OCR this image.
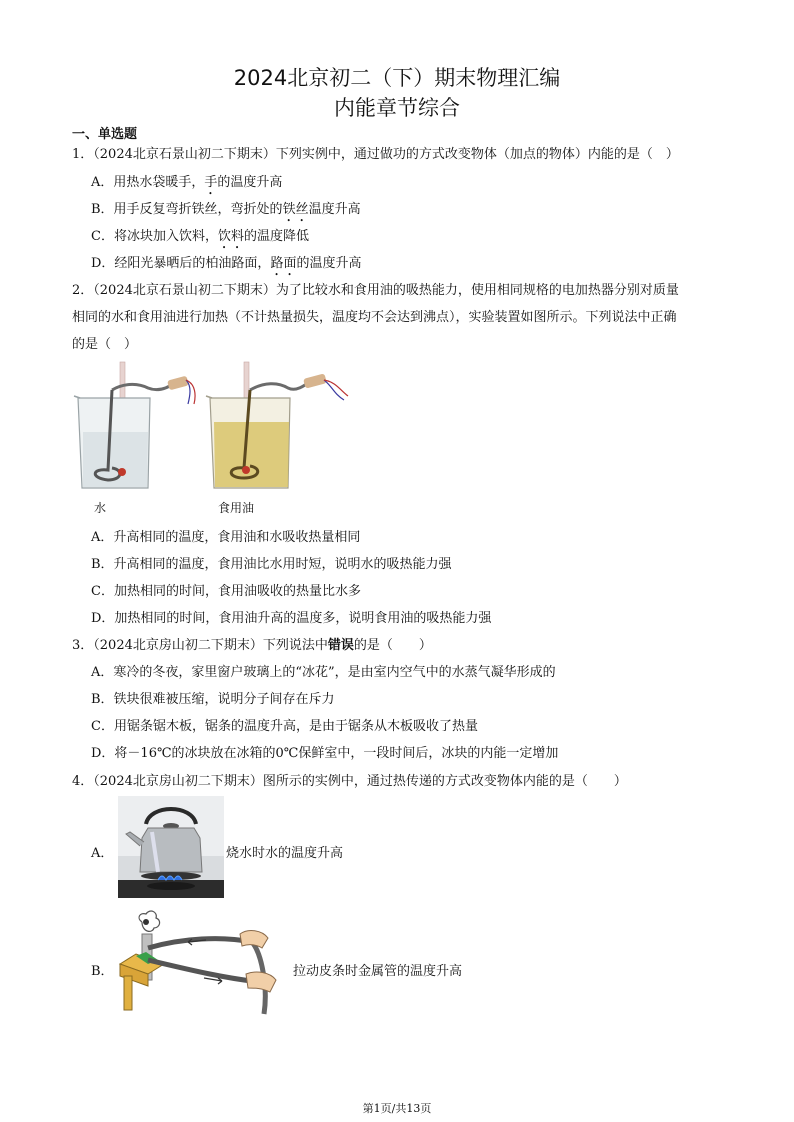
2024北京初二（下）期末物理汇编
内能章节综合
一、单选题
1．（2024北京石景山初二下期末）下列实例中，通过做功的方式改变物体（加点的物体）内能的是（　）
A．用热水袋暖手，手的温度升高
B．用手反复弯折铁丝，弯折处的铁丝温度升高
C．将冰块加入饮料，饮料的温度降低
D．经阳光暴晒后的柏油路面，路面的温度升高
2．（2024北京石景山初二下期末）为了比较水和食用油的吸热能力，使用相同规格的电加热器分别对质量
相同的水和食用油进行加热（不计热量损失，温度均不会达到沸点），实验装置如图所示。下列说法中正确
的是（　）
水	食用油
A．升高相同的温度，食用油和水吸收热量相同
B．升高相同的温度，食用油比水用时短，说明水的吸热能力强
C．加热相同的时间，食用油吸收的热量比水多
D．加热相同的时间，食用油升高的温度多，说明食用油的吸热能力强
3．（2024北京房山初二下期末）下列说法中错误的是（　　）
A．寒冷的冬夜，家里窗户玻璃上的“冰花”，是由室内空气中的水蒸气凝华形成的
B．铁块很难被压缩，说明分子间存在斥力
C．用锯条锯木板，锯条的温度升高，是由于锯条从木板吸收了热量
D．将－16℃的冰块放在冰箱的0℃保鲜室中，一段时间后，冰块的内能一定增加
4．（2024北京房山初二下期末）图所示的实例中，通过热传递的方式改变物体内能的是（　　）
A．	烧水时水的温度升高
B．	拉动皮条时金属管的温度升高
第1页/共13页
